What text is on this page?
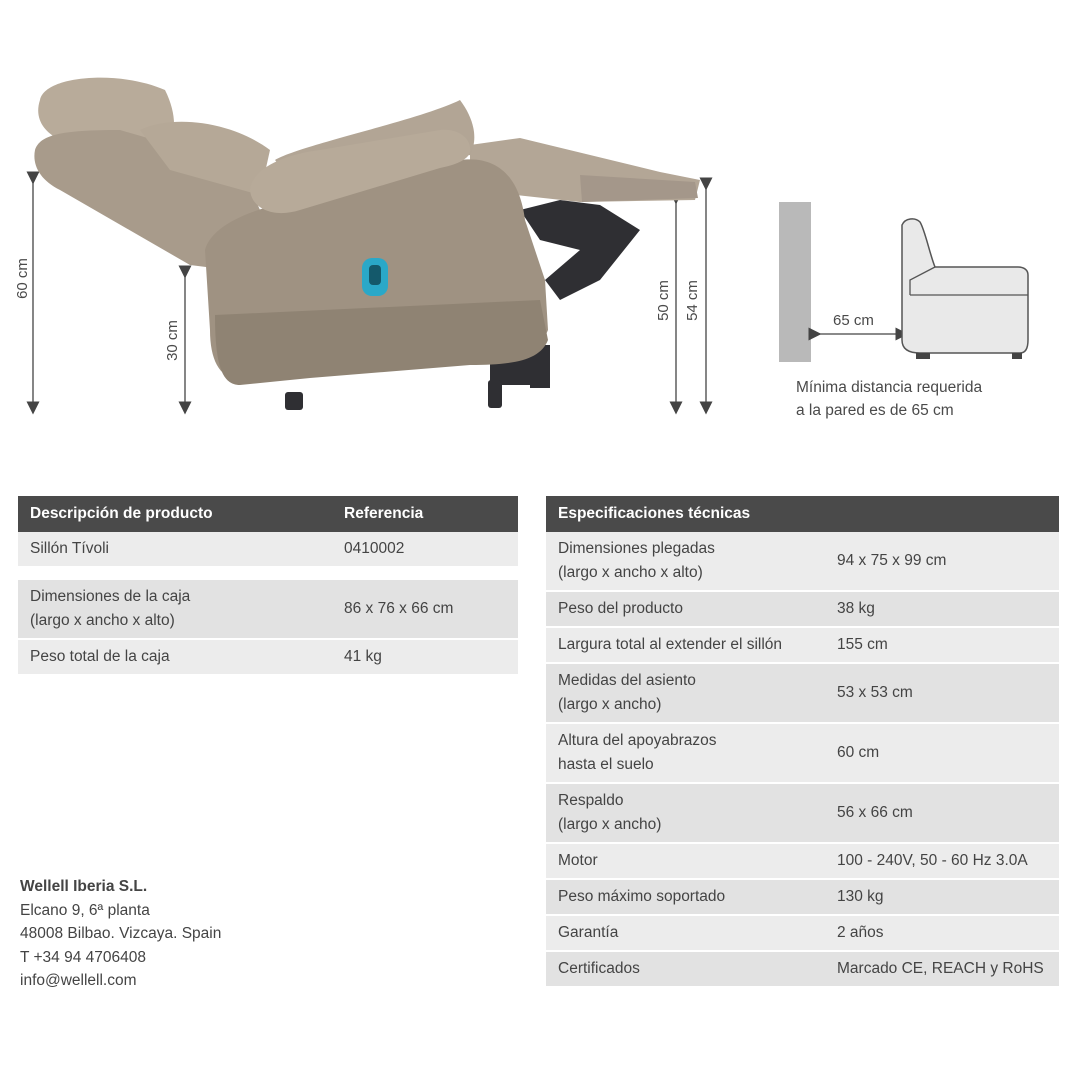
60 cm
30 cm
50 cm 54 cm	65 cm
Mínima distancia requerida
a la pared es de 65 cm
Descripción de producto	Referencia
Sillón Tívoli	0410002

Dimensiones de la caja
(largo x ancho x alto)	86 x 76 x 66 cm
Peso total de la caja	41 kg
Especificaciones técnicas	

Dimensiones plegadas
(largo x ancho x alto)	94 x 75 x 99 cm
Peso del producto	38 kg
Largura total al extender el sillón	155 cm

Medidas del asiento
(largo x ancho)	53 x 53 cm

Altura del apoyabrazos
hasta el suelo	60 cm

Respaldo
(largo x ancho)	56 x 66 cm
Motor	100 - 240V, 50 - 60 Hz 3.0A
Peso máximo soportado	130 kg
Garantía	2 años
Certificados	Marcado CE, REACH y RoHS
Wellell Iberia S.L.
Elcano 9, 6ª planta
48008 Bilbao. Vizcaya. Spain
T +34 94 4706408
info@wellell.com
